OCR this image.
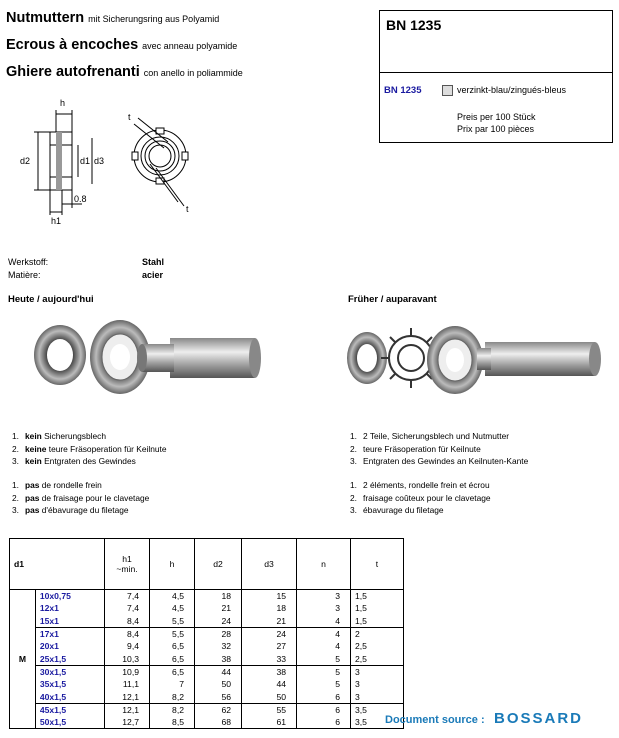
Nutmuttern mit Sicherungsring aus Polyamid
Ecrous à encoches avec anneau polyamide
Ghiere autofrenanti con anello in poliammide
BN 1235
BN 1235	verzinkt-blau/zingués-bleus
Preis per 100 Stück
Prix par 100 pièces
h
d2	d1 d3
h1
0.8
t
t
Werkstoff:
Matière:
Stahl
acier
Heute / aujourd'hui	Früher / auparavant
1. kein Sicherungsblech
2. keine teure Fräsoperation für Keilnute
3. kein Entgraten des Gewindes
1. pas de rondelle frein
2. pas de fraisage pour le clavetage
3. pas d'ébavurage du filetage
1. 2 Teile, Sicherungsblech und Nutmutter
2. teure Fräsoperation für Keilnute
3. Entgraten des Gewindes an Keilnuten-Kante
1. 2 éléments, rondelle frein et écrou
2. fraisage coûteux pour le clavetage
3. ébavurage du filetage
d1		h1
~min.	h	d2	d3	n	t
M	10x0,75	7,4	4,5	18	15	3	1,5
	12x1	7,4	4,5	21	18	3	1,5
	15x1	8,4	5,5	24	21	4	1,5
	17x1	8,4	5,5	28	24	4	2
	20x1	9,4	6,5	32	27	4	2,5
	25x1,5	10,3	6,5	38	33	5	2,5
	30x1,5	10,9	6,5	44	38	5	3
	35x1,5	11,1	7	50	44	5	3
	40x1,5	12,1	8,2	56	50	6	3
	45x1,5	12,1	8,2	62	55	6	3,5
	50x1,5	12,7	8,5	68	61	6	3,5 Document source : BOSSARD
